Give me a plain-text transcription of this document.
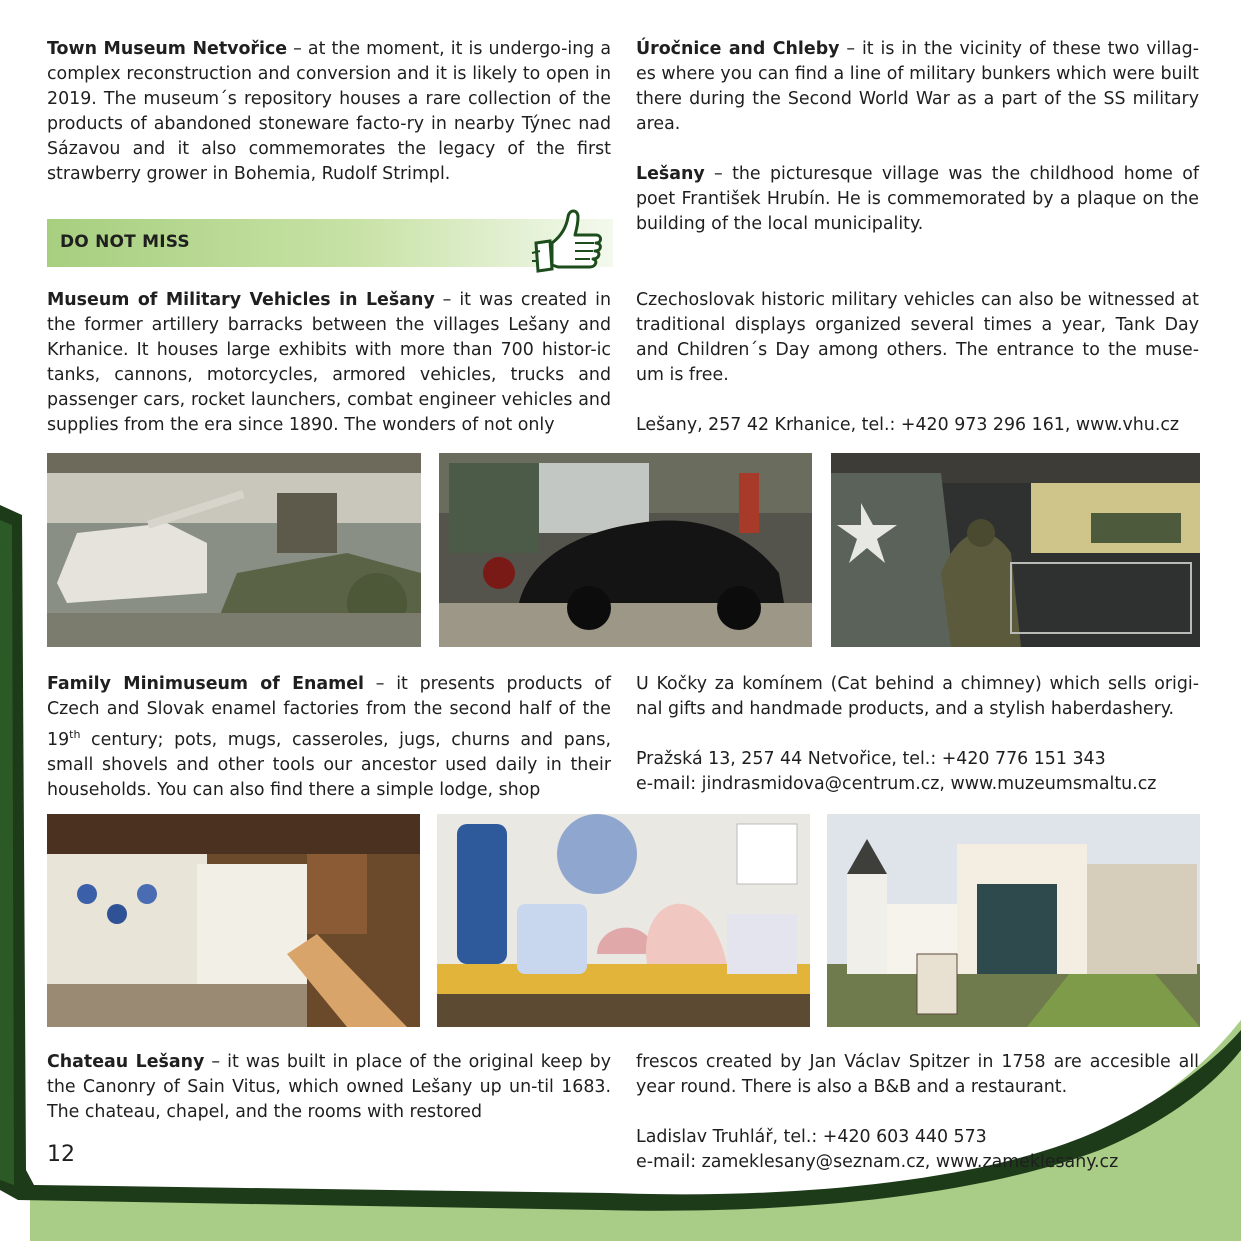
Town Museum Netvořice – at the moment, it is undergo-ing a complex reconstruction and conversion and it is likely to open in 2019. The museum´s repository houses a rare collection of the products of abandoned stoneware facto-ry in nearby Týnec nad Sázavou and it also commemorates the legacy of the first strawberry grower in Bohemia, Rudolf Strimpl.

Úročnice and Chleby – it is in the vicinity of these two villag-es where you can find a line of military bunkers which were built there during the Second World War as a part of the SS military area.

Lešany – the picturesque village was the childhood home of poet František Hrubín. He is commemorated by a plaque on the building of the local municipality.

DO NOT MISS

Museum of Military Vehicles in Lešany – it was created in the former artillery barracks between the villages Lešany and Krhanice. It houses large exhibits with more than 700 histor-ic tanks, cannons, motorcycles, armored vehicles, trucks and passenger cars, rocket launchers, combat engineer vehicles and supplies from the era since 1890. The wonders of not only

Czechoslovak historic military vehicles can also be witnessed at traditional displays organized several times a year, Tank Day and Children´s Day among others. The entrance to the muse-um is free.

Lešany, 257 42 Krhanice, tel.: +420 973 296 161, www.vhu.cz

Family Minimuseum of Enamel – it presents products of Czech and Slovak enamel factories from the second half of the 19th century; pots, mugs, casseroles, jugs, churns and pans, small shovels and other tools our ancestor used daily in their households. You can also find there a simple lodge, shop

U Kočky za komínem (Cat behind a chimney) which sells origi-nal gifts and handmade products, and a stylish haberdashery.

Pražská 13, 257 44 Netvořice, tel.: +420 776 151 343

e-mail: jindrasmidova@centrum.cz, www.muzeumsmaltu.cz

Chateau Lešany – it was built in place of the original keep by the Canonry of Sain Vitus, which owned Lešany up un-til 1683. The chateau, chapel, and the rooms with restored

frescos created by Jan Václav Spitzer in 1758 are accesible all year round. There is also a B&B and a restaurant.

Ladislav Truhlář, tel.: +420 603 440 573

e-mail: zameklesany@seznam.cz, www.zameklesany.cz

12
